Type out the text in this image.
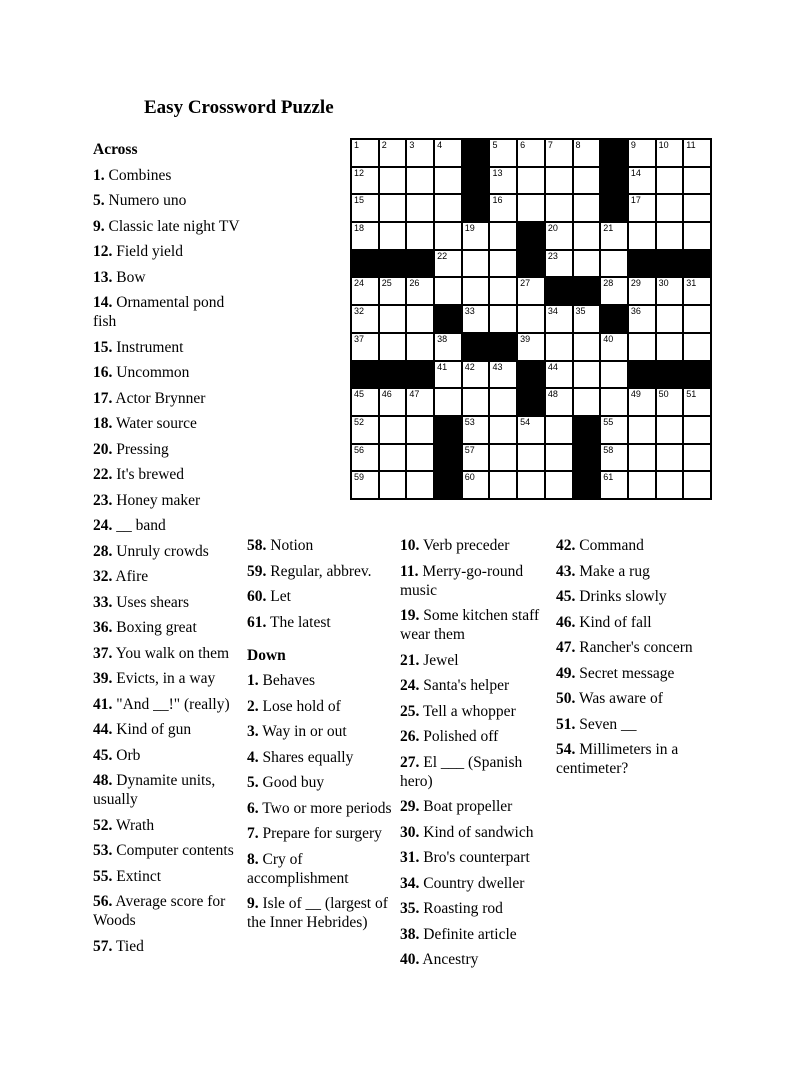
Easy Crossword Puzzle
1	2	3	4	5	6	7	8	9	10 11
12	13	14
15	16	17
18	19	20	21
22	23
24 25 26	27	28 29 30 31
32	33	34 35	36
37	38	39	40
41 42 43	44
45 46 47	48	49 50 51
52	53	54	55
56	57	58
59	60	61
Across

1. Combines

5. Numero uno

9. Classic late night TV

12. Field yield

13. Bow

14. Ornamental pond fish

15. Instrument

16. Uncommon

17. Actor Brynner

18. Water source

20. Pressing

22. It's brewed

23. Honey maker

24. __ band

28. Unruly crowds

32. Afire

33. Uses shears

36. Boxing great

37. You walk on them

39. Evicts, in a way

41. "And __!" (really)

44. Kind of gun

45. Orb

48. Dynamite units, usually

52. Wrath

53. Computer contents

55. Extinct

56. Average score for Woods

57. Tied

58. Notion

59. Regular, abbrev.

60. Let

61. The latest

Down

1. Behaves

2. Lose hold of

3. Way in or out

4. Shares equally

5. Good buy

6. Two or more periods

7. Prepare for surgery

8. Cry of accomplishment

9. Isle of __ (largest of the Inner Hebrides)

10. Verb preceder

11. Merry-go-round music

19. Some kitchen staff wear them

21. Jewel

24. Santa's helper

25. Tell a whopper

26. Polished off

27. El ___ (Spanish hero)

29. Boat propeller

30. Kind of sandwich

31. Bro's counterpart

34. Country dweller

35. Roasting rod

38. Definite article

40. Ancestry

42. Command

43. Make a rug

45. Drinks slowly

46. Kind of fall

47. Rancher's concern

49. Secret message

50. Was aware of

51. Seven __

54. Millimeters in a centimeter?
